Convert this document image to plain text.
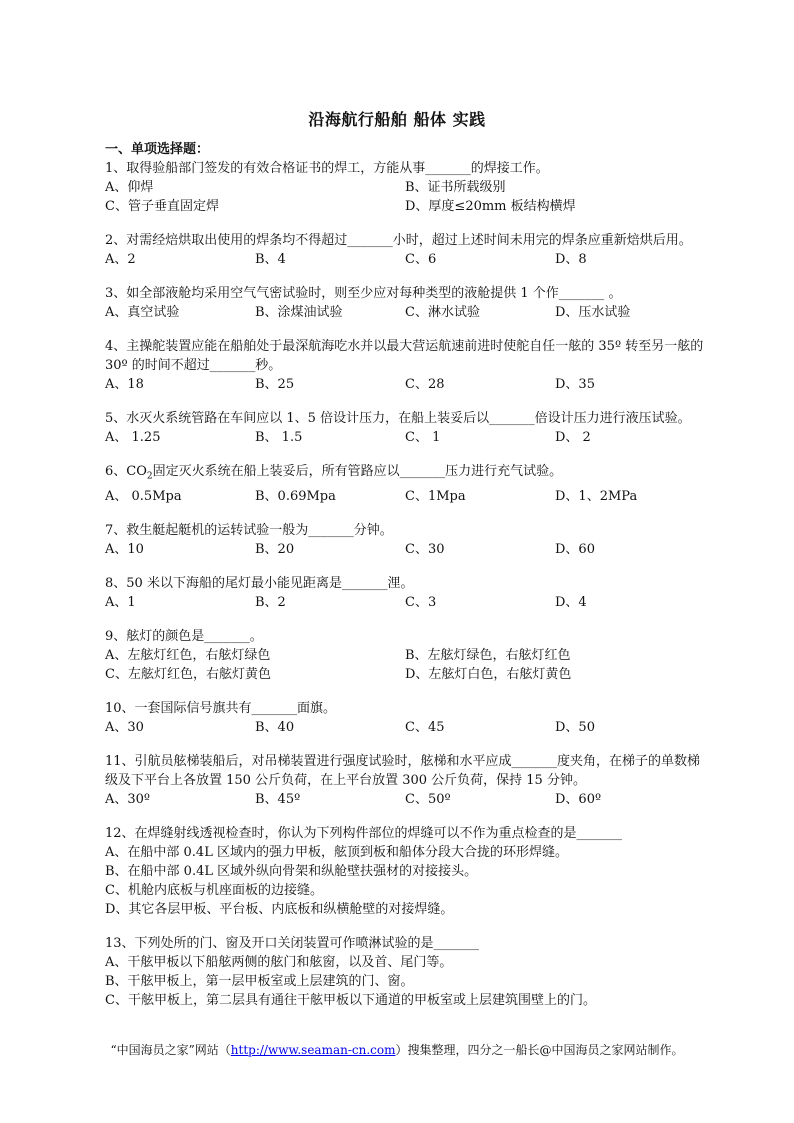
沿海航行船舶 船体 实践
一、单项选择题：
1、取得验船部门签发的有效合格证书的焊工，方能从事_______的焊接工作。
A、仰焊	B、证书所载级别
C、管子垂直固定焊	D、厚度≤20mm 板结构横焊
2、对需经焙烘取出使用的焊条均不得超过_______小时，超过上述时间未用完的焊条应重新焙烘后用。
A、2	B、4	C、6	D、8
3、如全部液舱均采用空气气密试验时，则至少应对每种类型的液舱提供 1 个作_______ 。
A、真空试验	B、涂煤油试验	C、淋水试验	D、压水试验
4、主操舵装置应能在船舶处于最深航海吃水并以最大营运航速前进时使舵自任一舷的 35º 转至另一舷的 30º 的时间不超过_______秒。
A、18	B、25	C、28	D、35
5、水灭火系统管路在车间应以 1、5 倍设计压力，在船上装妥后以_______倍设计压力进行液压试验。
A、 1.25	B、 1.5	C、 1	D、 2
6、$CO_2$固定灭火系统在船上装妥后，所有管路应以_______压力进行充气试验。
A、 0.5Mpa	B、0.69Mpa	C、1Mpa	D、1、2MPa
7、救生艇起艇机的运转试验一般为_______分钟。
A、10	B、20	C、30	D、60
8、50 米以下海船的尾灯最小能见距离是_______浬。
A、1	B、2	C、3	D、4
9、舷灯的颜色是_______。
A、左舷灯红色，右舷灯绿色	B、左舷灯绿色，右舷灯红色
C、左舷灯红色，右舷灯黄色	D、左舷灯白色，右舷灯黄色
10、一套国际信号旗共有_______面旗。
A、30	B、40	C、45	D、50
11、引航员舷梯装船后，对吊梯装置进行强度试验时，舷梯和水平应成_______度夹角，在梯子的单数梯级及下平台上各放置 150 公斤负荷，在上平台放置 300 公斤负荷，保持 15 分钟。
A、30º	B、45º	C、50º	D、60º
12、在焊缝射线透视检查时，你认为下列构件部位的焊缝可以不作为重点检查的是_______
A、在船中部 0.4L 区域内的强力甲板，舷顶到板和船体分段大合拢的环形焊缝。
B、在船中部 0.4L 区域外纵向骨架和纵舱壁扶强材的对接接头。
C、机舱内底板与机座面板的边接缝。
D、其它各层甲板、平台板、内底板和纵横舱壁的对接焊缝。
13、下列处所的门、窗及开口关闭装置可作喷淋试验的是_______
A、干舷甲板以下船舷两侧的舷门和舷窗，以及首、尾门等。
B、干舷甲板上，第一层甲板室或上层建筑的门、窗。
C、干舷甲板上，第二层具有通往干舷甲板以下通道的甲板室或上层建筑围壁上的门。
“中国海员之家”网站（http://www.seaman-cn.com）搜集整理，四分之一船长@中国海员之家网站制作。
